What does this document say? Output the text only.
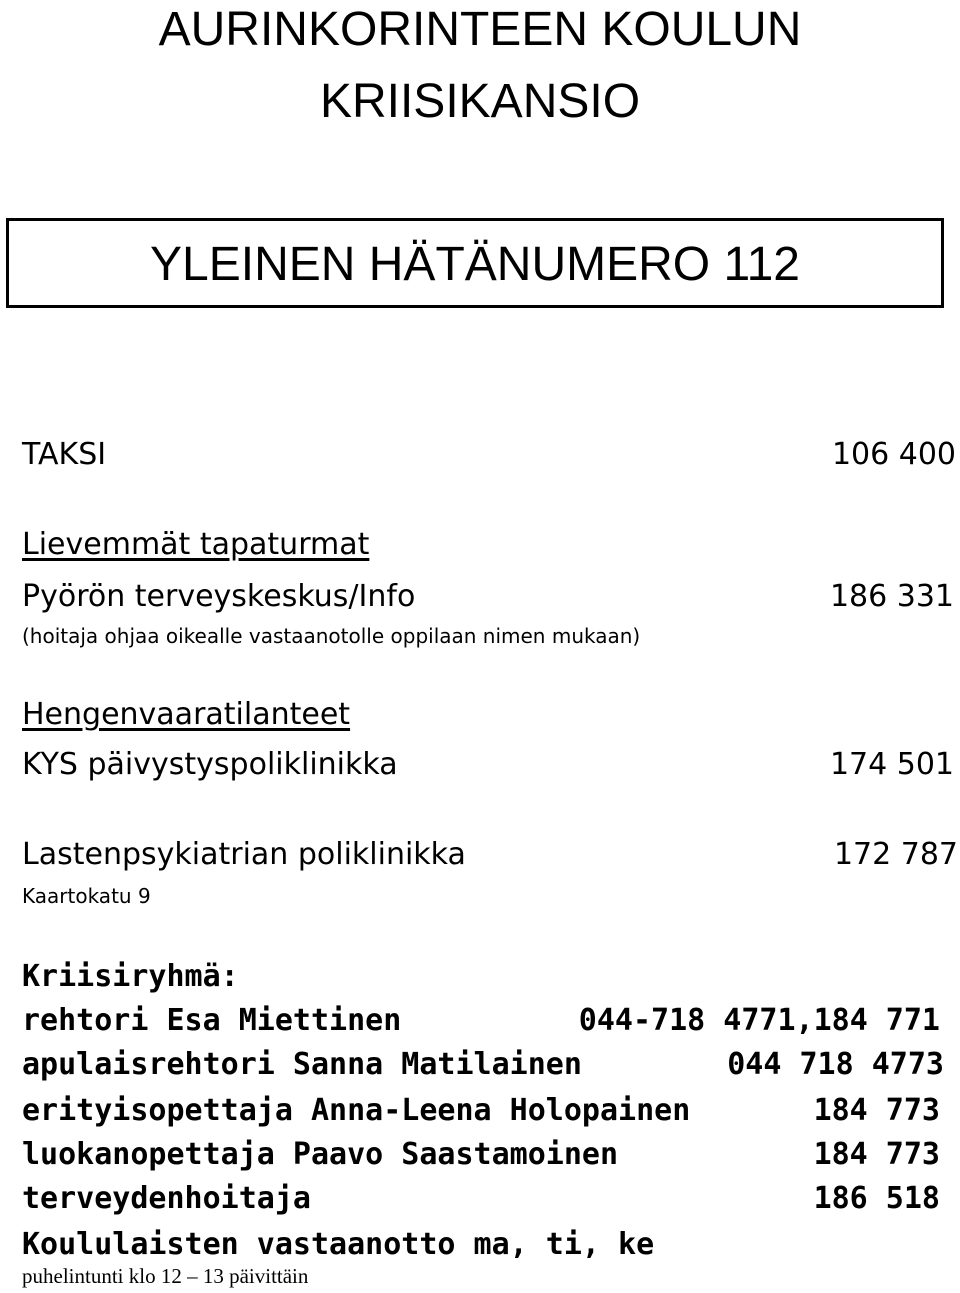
AURINKORINTEEN KOULUN
KRIISIKANSIO
YLEINEN HÄTÄNUMERO 112
TAKSI	106 400
Lievemmät tapaturmat
Pyörön terveyskeskus/Info	186 331
(hoitaja ohjaa oikealle vastaanotolle oppilaan nimen mukaan)
Hengenvaaratilanteet
KYS päivystyspoliklinikka	174 501
Lastenpsykiatrian poliklinikka	172 787
Kaartokatu 9
Kriisiryhmä:
rehtori Esa Miettinen	044-718 4771,184 771
apulaisrehtori Sanna Matilainen	044 718 4773
erityisopettaja Anna-Leena Holopainen	184 773
luokanopettaja Paavo Saastamoinen	184 773
terveydenhoitaja	186 518
Koululaisten vastaanotto ma, ti, ke
puhelintunti klo 12 – 13 päivittäin
